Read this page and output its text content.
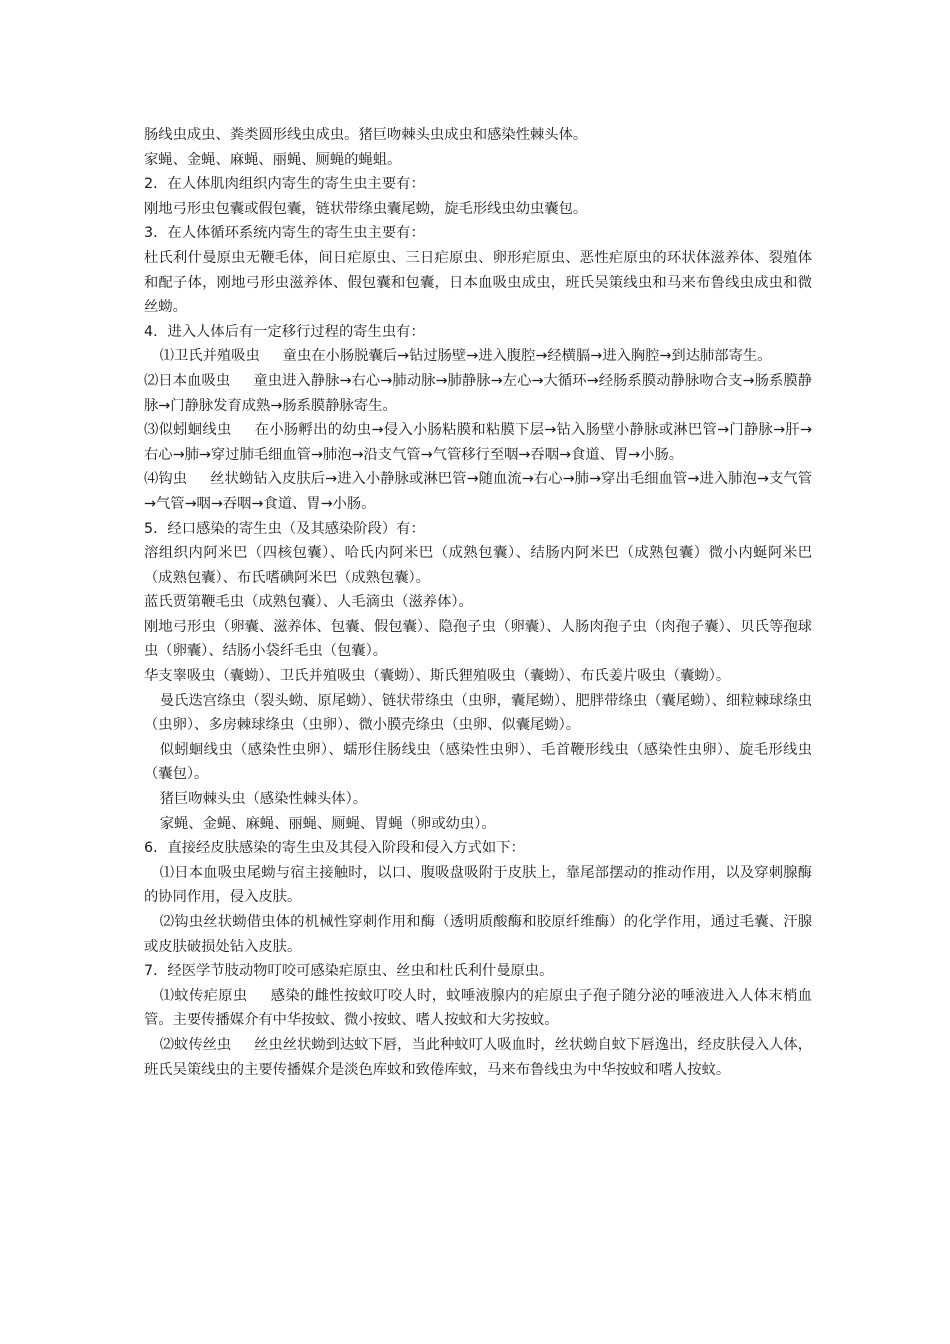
肠线虫成虫、粪类圆形线虫成虫。猪巨吻棘头虫成虫和感染性棘头体。

家蝇、金蝇、麻蝇、丽蝇、厕蝇的蝇蛆。

2．在人体肌肉组织内寄生的寄生虫主要有：

刚地弓形虫包囊或假包囊，链状带绦虫囊尾蚴，旋毛形线虫幼虫囊包。

3．在人体循环系统内寄生的寄生虫主要有：

杜氏利什曼原虫无鞭毛体，间日疟原虫、三日疟原虫、卵形疟原虫、恶性疟原虫的环状体滋养体、裂殖体和配子体，刚地弓形虫滋养体、假包囊和包囊，日本血吸虫成虫，班氏吴策线虫和马来布鲁线虫成虫和微丝蚴。

4．进入人体后有一定移行过程的寄生虫有：

⑴卫氏并殖吸虫 童虫在小肠脱囊后→钻过肠壁→进入腹腔→经横膈→进入胸腔→到达肺部寄生。

⑵日本血吸虫 童虫进入静脉→右心→肺动脉→肺静脉→左心→大循环→经肠系膜动静脉吻合支→肠系膜静脉→门静脉发育成熟→肠系膜静脉寄生。

⑶似蚓蛔线虫 在小肠孵出的幼虫→侵入小肠粘膜和粘膜下层→钻入肠壁小静脉或淋巴管→门静脉→肝→右心→肺→穿过肺毛细血管→肺泡→沿支气管→气管移行至咽→吞咽→食道、胃→小肠。

⑷钩虫 丝状蚴钻入皮肤后→进入小静脉或淋巴管→随血流→右心→肺→穿出毛细血管→进入肺泡→支气管→气管→咽→吞咽→食道、胃→小肠。

5．经口感染的寄生虫（及其感染阶段）有：

溶组织内阿米巴（四核包囊）、哈氏内阿米巴（成熟包囊）、结肠内阿米巴（成熟包囊）微小内蜒阿米巴（成熟包囊）、布氏嗜碘阿米巴（成熟包囊）。

蓝氏贾第鞭毛虫（成熟包囊）、人毛滴虫（滋养体）。

刚地弓形虫（卵囊、滋养体、包囊、假包囊）、隐孢子虫（卵囊）、人肠肉孢子虫（肉孢子囊）、贝氏等孢球虫（卵囊）、结肠小袋纤毛虫（包囊）。

华支睾吸虫（囊蚴）、卫氏并殖吸虫（囊蚴）、斯氏狸殖吸虫（囊蚴）、布氏姜片吸虫（囊蚴）。

曼氏迭宫绦虫（裂头蚴、原尾蚴）、链状带绦虫（虫卵，囊尾蚴）、肥胖带绦虫（囊尾蚴）、细粒棘球绦虫（虫卵）、多房棘球绦虫（虫卵）、微小膜壳绦虫（虫卵、似囊尾蚴）。

似蚓蛔线虫（感染性虫卵）、蠕形住肠线虫（感染性虫卵）、毛首鞭形线虫（感染性虫卵）、旋毛形线虫（囊包）。

猪巨吻棘头虫（感染性棘头体）。

家蝇、金蝇、麻蝇、丽蝇、厕蝇、胃蝇（卵或幼虫）。

6．直接经皮肤感染的寄生虫及其侵入阶段和侵入方式如下：

⑴日本血吸虫尾蚴与宿主接触时，以口、腹吸盘吸附于皮肤上，靠尾部摆动的推动作用，以及穿刺腺酶的协同作用，侵入皮肤。

⑵钩虫丝状蚴借虫体的机械性穿刺作用和酶（透明质酸酶和胶原纤维酶）的化学作用，通过毛囊、汗腺或皮肤破损处钻入皮肤。

7．经医学节肢动物叮咬可感染疟原虫、丝虫和杜氏利什曼原虫。

⑴蚊传疟原虫 感染的雌性按蚊叮咬人时，蚊唾液腺内的疟原虫子孢子随分泌的唾液进入人体末梢血管。主要传播媒介有中华按蚊、微小按蚊、嗜人按蚊和大劣按蚊。

⑵蚊传丝虫 丝虫丝状蚴到达蚊下唇，当此种蚊叮人吸血时，丝状蚴自蚊下唇逸出，经皮肤侵入人体，班氏吴策线虫的主要传播媒介是淡色库蚊和致倦库蚊，马来布鲁线虫为中华按蚊和嗜人按蚊。
